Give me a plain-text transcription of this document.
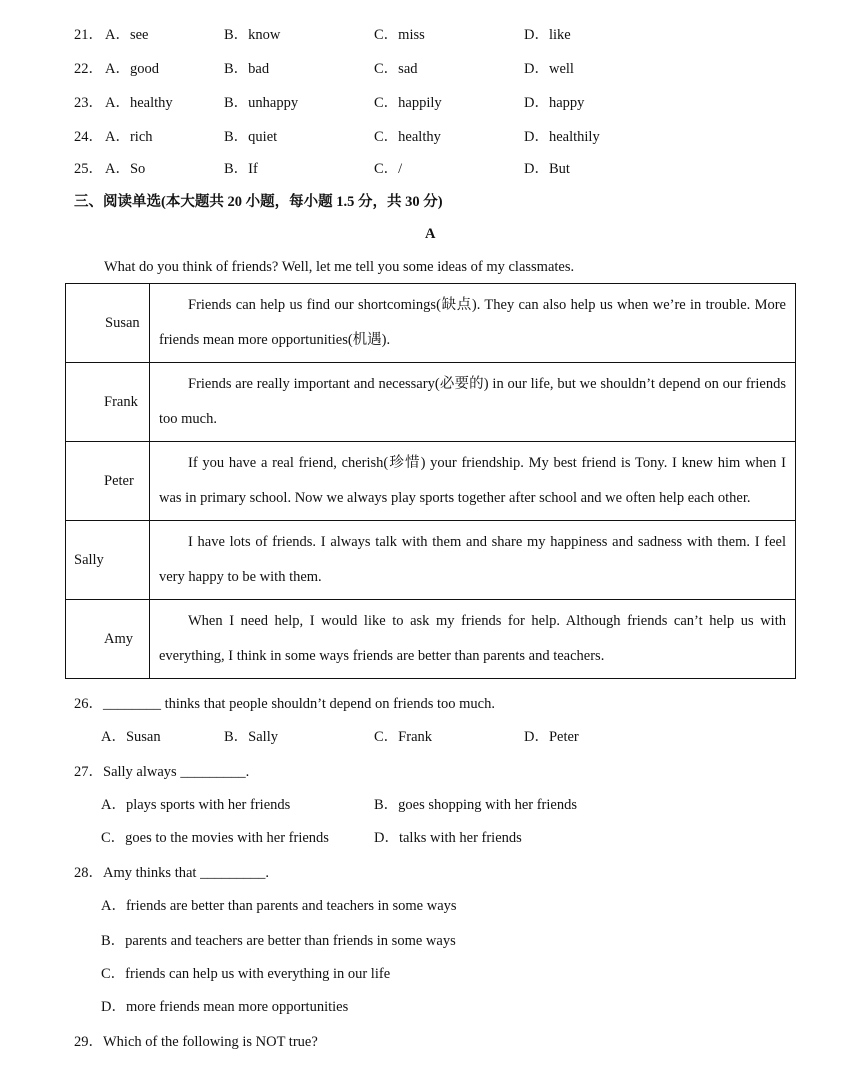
21． A．see	B．know	C．miss	D．like
22． A．good	B．bad	C．sad	D．well
23． A．healthy	B．unhappy	C．happily	D．happy
24． A．rich	B．quiet	C．healthy	D．healthily
25． A．So	B．If	C．/	D．But
三、阅读单选(本大题共 20 小题，每小题 1.5 分，共 30 分)
A
What do you think of friends? Well, let me tell you some ideas of my classmates.
Susan	Friends can help us find our shortcomings(缺点). They can also help us when we’re in trouble. More friends mean more opportunities(机遇).

Frank	Friends are really important and necessary(必要的) in our life, but we shouldn’t depend on our friends too much.

Peter	If you have a real friend, cherish(珍惜) your friendship. My best friend is Tony. I knew him when I was in primary school. Now we always play sports together after school and we often help each other.

Sally	I have lots of friends. I always talk with them and share my happiness and sadness with them. I feel very happy to be with them.

Amy	When I need help, I would like to ask my friends for help. Although friends can’t help us with everything, I think in some ways friends are better than parents and teachers.

26．________ thinks that people shouldn’t depend on friends too much.
A．Susan	B．Sally	C．Frank	D．Peter
27．Sally always _________.
A．plays sports with her friends	B．goes shopping with her friends
C．goes to the movies with her friends	D．talks with her friends
28．Amy thinks that _________.
A．friends are better than parents and teachers in some ways
B．parents and teachers are better than friends in some ways
C．friends can help us with everything in our life
D．more friends mean more opportunities
29．Which of the following is NOT true?
